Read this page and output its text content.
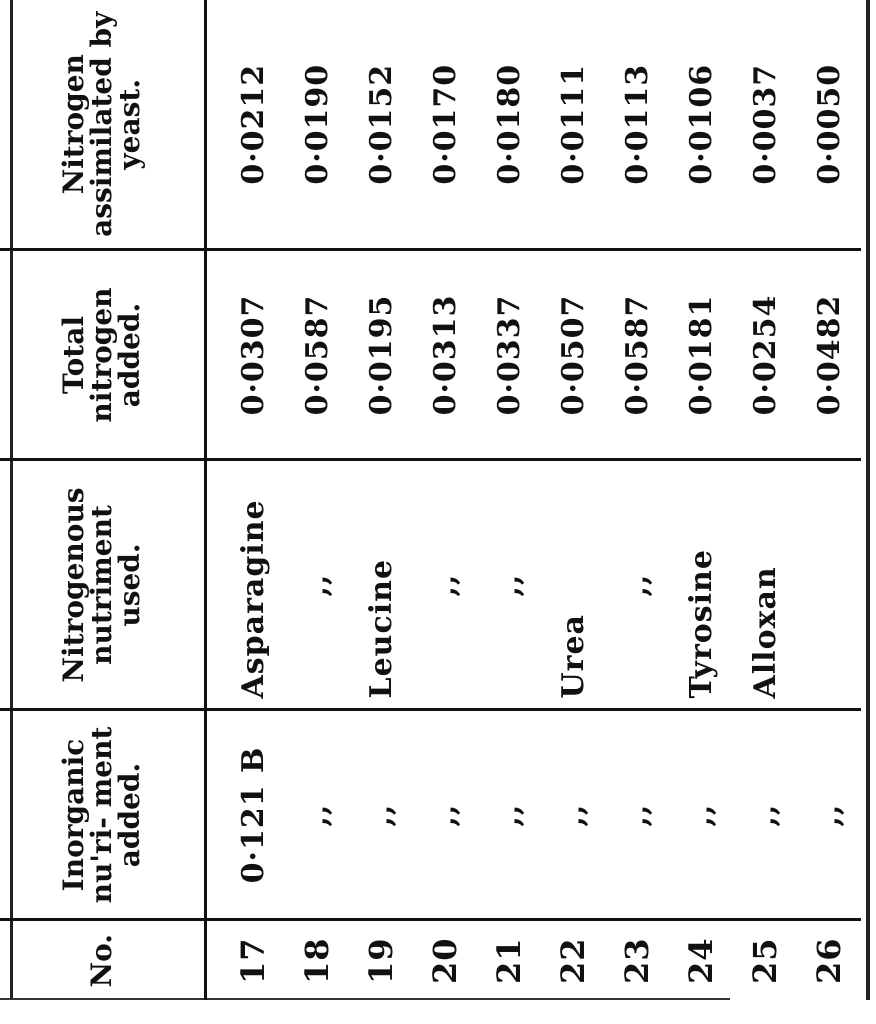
No.	Inorganic nu'ri- ment added.	Nitrogenous nutriment used.	Total nitrogen added.	Nitrogen assimilated by yeast.
17	0·121 B	Asparagine	0·0307	0·0212
18	,,	,,	0·0587	0·0190
19	,,	Leucine	0·0195	0·0152
20	,,	,,	0·0313	0·0170
21	,,	,,	0·0337	0·0180
22	,,	Urea	0·0507	0·0111
23	,,	,,	0·0587	0·0113
24	,,	Tyrosine	0·0181	0·0106
25	,,	Alloxan	0·0254	0·0037
26	,,		0·0482	0·0050
